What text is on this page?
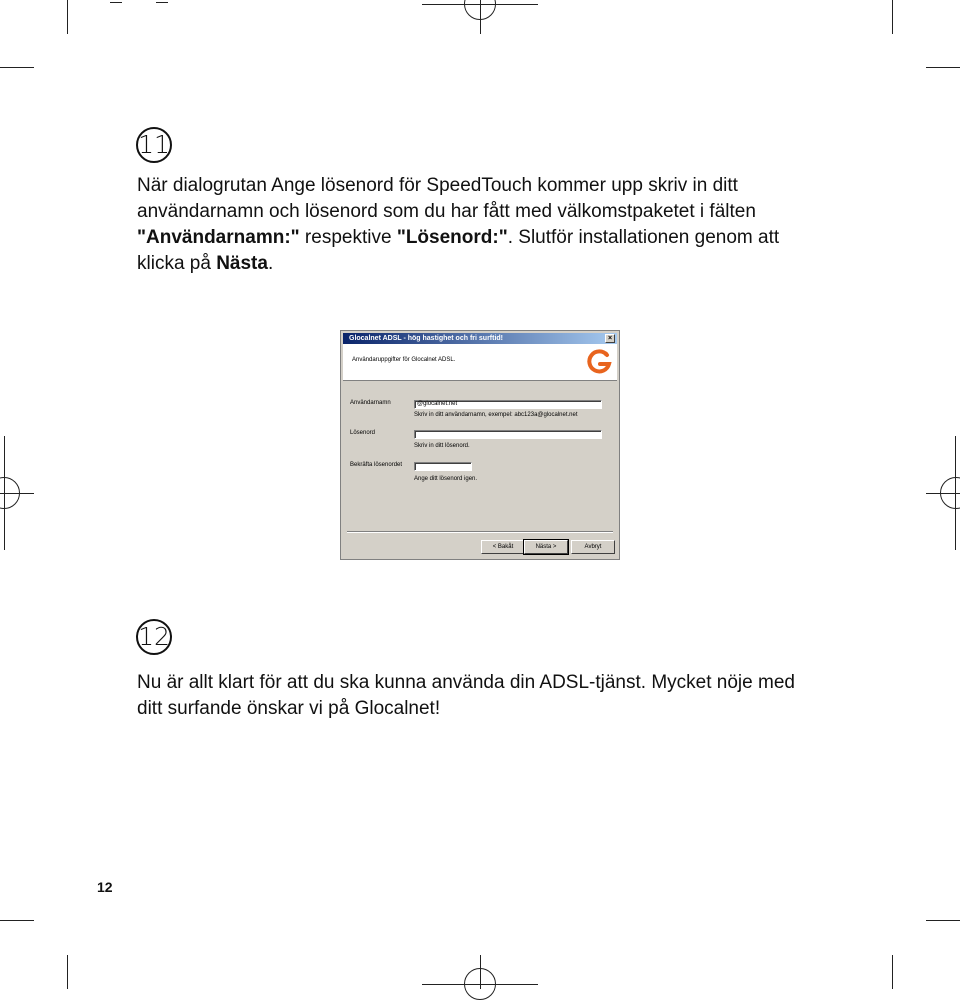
11

När dialogrutan Ange lösenord för SpeedTouch kommer upp skriv in ditt
användarnamn och lösenord som du har fått med välkomstpaketet i fälten
"Användarnamn:" respektive "Lösenord:". Slutför installationen genom att
klicka på Nästa.

Glocalnet ADSL - hög hastighet och fri surftid!	×
Användaruppgifter för Glocalnet ADSL.
Användarnamn	@glocalnet.net
Skriv in ditt användarnamn, exempel: abc123a@glocalnet.net
Lösenord
Skriv in ditt lösenord.
Bekräfta lösenordet
Ange ditt lösenord igen.
< Bakåt	Nästa >	Avbryt
12

Nu är allt klart för att du ska kunna använda din ADSL-tjänst. Mycket nöje med
ditt surfande önskar vi på Glocalnet!

12
